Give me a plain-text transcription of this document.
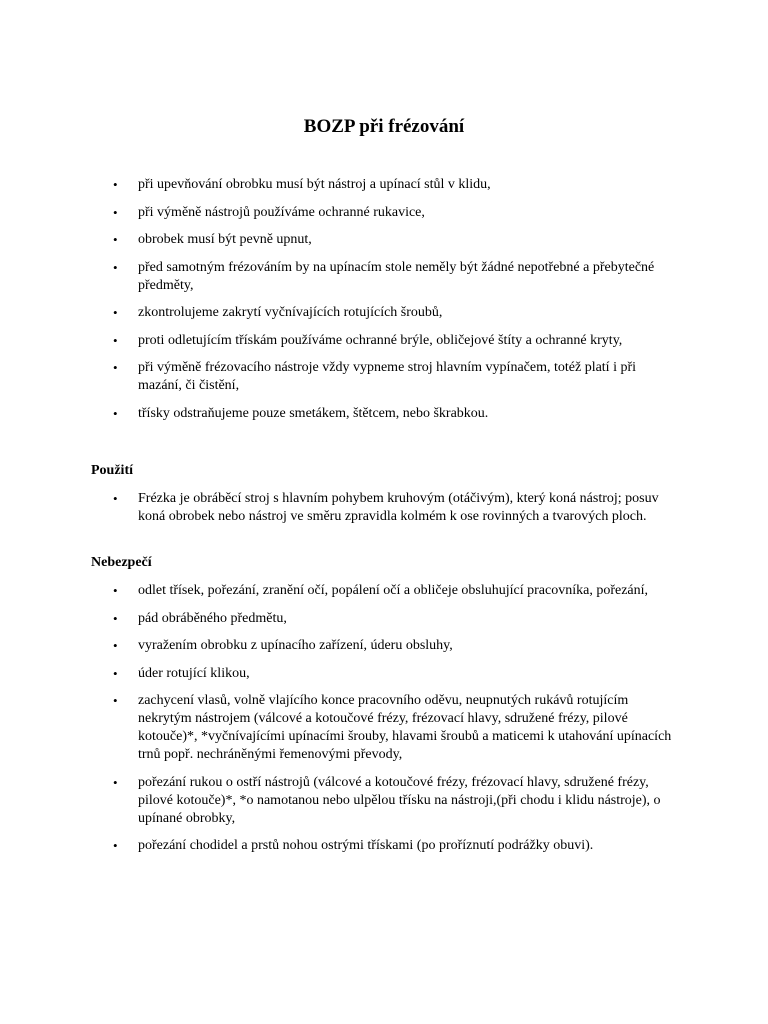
BOZP při frézování
• při upevňování obrobku musí být nástroj a upínací stůl v klidu,
• při výměně nástrojů používáme ochranné rukavice,
• obrobek musí být pevně upnut,
• před samotným frézováním by na upínacím stole neměly být žádné nepotřebné a přebytečné předměty,
• zkontrolujeme zakrytí vyčnívajících rotujících šroubů,
• proti odletujícím třískám používáme ochranné brýle, obličejové štíty a ochranné kryty,
• při výměně frézovacího nástroje vždy vypneme stroj hlavním vypínačem, totéž platí i při mazání, či čistění,
• třísky odstraňujeme pouze smetákem, štětcem, nebo škrabkou.
Použití
• Frézka je obráběcí stroj s hlavním pohybem kruhovým (otáčivým), který koná nástroj; posuv koná obrobek nebo nástroj ve směru zpravidla kolmém k ose rovinných a tvarových ploch.
Nebezpečí
• odlet třísek, pořezání, zranění očí, popálení očí a obličeje obsluhující pracovníka, pořezání,
• pád obráběného předmětu,
• vyražením obrobku z upínacího zařízení, úderu obsluhy,
• úder rotující klikou,
• zachycení vlasů, volně vlajícího konce pracovního oděvu, neupnutých rukávů rotujícím nekrytým nástrojem (válcové a kotoučové frézy, frézovací hlavy, sdružené frézy, pilové kotouče)*, *vyčnívajícími upínacími šrouby, hlavami šroubů a maticemi k utahování upínacích trnů popř. nechráněnými řemenovými převody,
• pořezání rukou o ostří nástrojů (válcové a kotoučové frézy, frézovací hlavy, sdružené frézy, pilové kotouče)*, *o namotanou nebo ulpělou třísku na nástroji,(při chodu i klidu nástroje), o upínané obrobky,
• pořezání chodidel a prstů nohou ostrými třískami (po proříznutí podrážky obuvi).
